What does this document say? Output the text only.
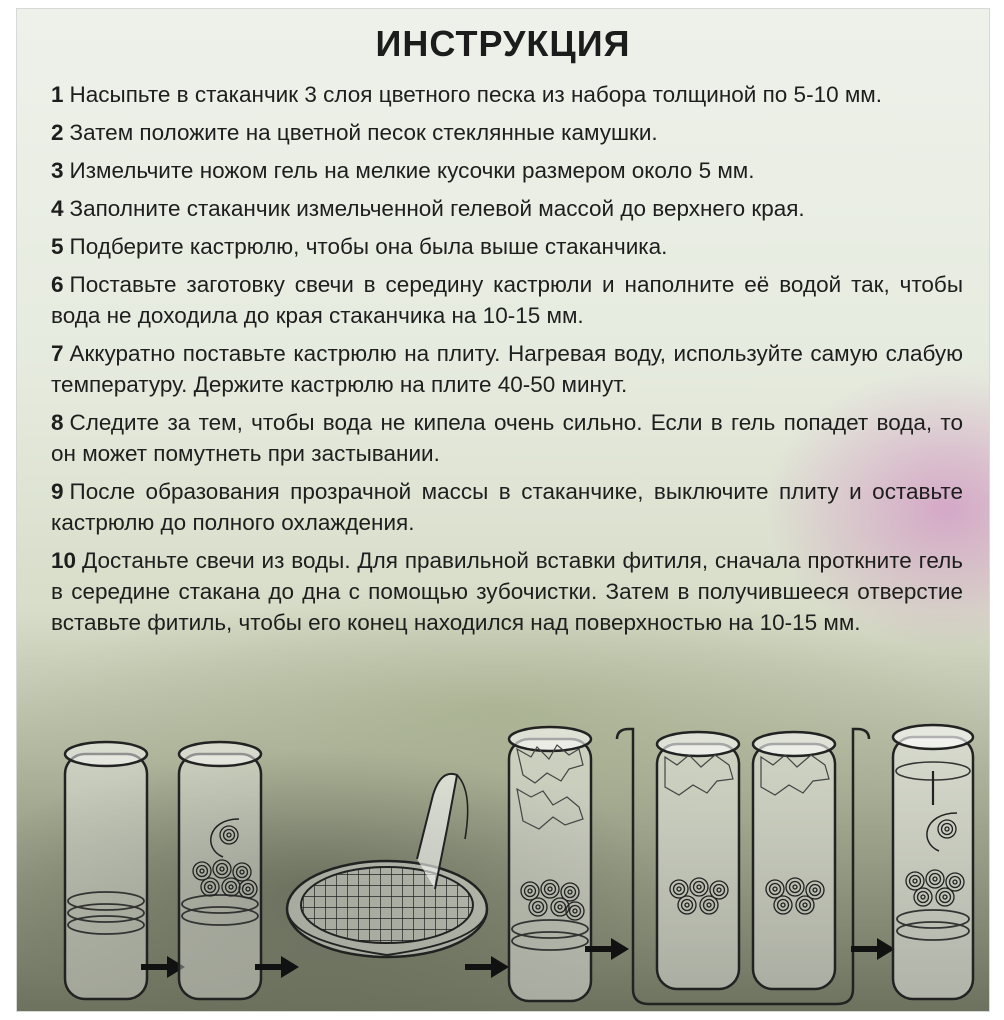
ИНСТРУКЦИЯ

1 Насыпьте в стаканчик 3 слоя цветного песка из набора толщиной по 5-10 мм.

2 Затем положите на цветной песок стеклянные камушки.

3 Измельчите ножом гель на мелкие кусочки размером около 5 мм.

4 Заполните стаканчик измельченной гелевой массой до верхнего края.

5 Подберите кастрюлю, чтобы она была выше стаканчика.

6 Поставьте заготовку свечи в середину кастрюли и наполните её водой так, чтобы вода не доходила до края стаканчика на 10-15 мм.

7 Аккуратно поставьте кастрюлю на плиту. Нагревая воду, используйте самую слабую температуру. Держите кастрюлю на плите 40-50 минут.

8 Следите за тем, чтобы вода не кипела очень сильно. Если в гель попадет вода, то он может помутнеть при застывании.

9 После образования прозрачной массы в стаканчике, выключите плиту и оставьте кастрюлю до полного охлаждения.

10 Достаньте свечи из воды. Для правильной вставки фитиля, сначала проткните гель в середине стакана до дна с помощью зубочистки. Затем в получившееся отверстие вставьте фитиль, чтобы его конец находился над поверхностью на 10-15 мм.
